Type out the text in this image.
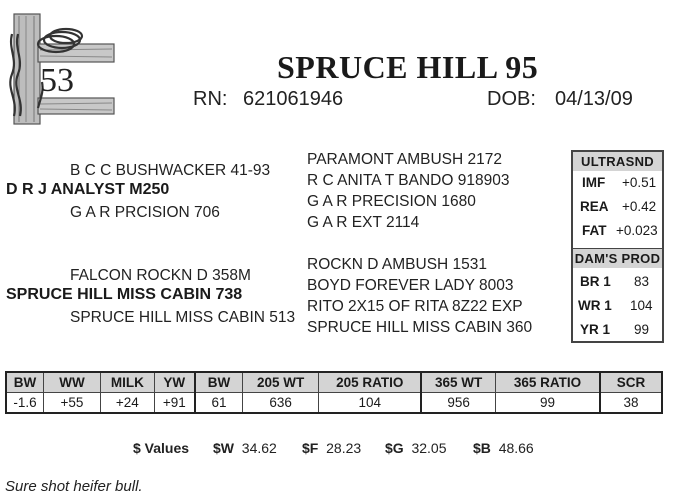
53	SPRUCE HILL 95
RN: 621061946	DOB: 04/13/09
B C C BUSHWACKER 41-93
D R J ANALYST M250
G A R PRCISION 706
FALCON ROCKN D 358M
SPRUCE HILL MISS CABIN 738
SPRUCE HILL MISS CABIN 513
PARAMONT AMBUSH 2172
R C ANITA T BANDO 918903
G A R PRECISION 1680
G A R EXT 2114
ROCKN D AMBUSH 1531
BOYD FOREVER LADY 8003
RITO 2X15 OF RITA 8Z22 EXP
SPRUCE HILL MISS CABIN 360
ULTRASND
IMF +0.51
REA +0.42
FAT +0.023
DAM'S PROD
BR 1 83
WR 1 104
YR 1 99
BW	WW	MILK	YW	BW	205 WT	205 RATIO	365 WT	365 RATIO	SCR
-1.6	+55	+24	+91	61	636	104	956	99	38
$ Values $W 34.62 $F 28.23 $G 32.05 $B 48.66
Sure shot heifer bull.
